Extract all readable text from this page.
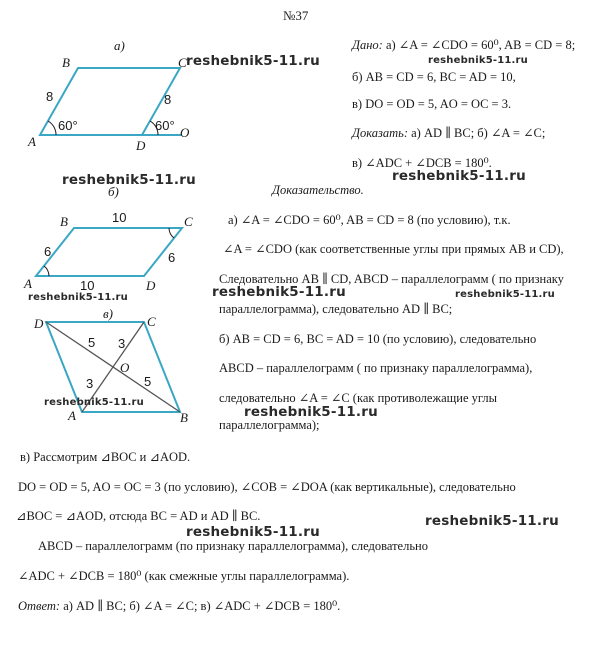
а)
B	C
A	D
O
8	8
60°	60°
б)
B	C
A	D
10
10
6	6
в)
D	C
A	B
O
5 3
3	5
№37
Дано: а) ∠A = ∠CDO = 60⁰, AB = CD = 8;
б) AB = CD = 6, BC = AD = 10,
в) DO = OD = 5, AO = OC = 3.
Доказать: а) AD ∥ BC; б) ∠A = ∠C;
в) ∠ADC + ∠DCB = 180⁰.
Доказательство.
а) ∠A = ∠CDO = 60⁰, AB = CD = 8 (по условию), т.к.
∠A = ∠CDO (как соответственные углы при прямых AB и CD),
Следовательно AB ∥ CD, ABCD – параллелограмм ( по признаку
параллелограмма), следовательно AD ∥ BC;
б) AB = CD = 6, BC = AD = 10 (по условию), следовательно
ABCD – параллелограмм ( по признаку параллелограмма),
следовательно ∠A = ∠C (как противолежащие углы
параллелограмма);
в) Рассмотрим ⊿BOC и ⊿AOD.
DO = OD = 5, AO = OC = 3 (по условию), ∠COB = ∠DOA (как вертикальные), следовательно
⊿BOC = ⊿AOD, отсюда BC = AD и AD ∥ BC.
ABCD – параллелограмм (по признаку параллелограмма), следовательно
∠ADC + ∠DCB = 180⁰ (как смежные углы параллелограмма).
Ответ: а) AD ∥ BC; б) ∠A = ∠C; в) ∠ADC + ∠DCB = 180⁰.
reshebnik5-11.ru	reshebnik5-11.ru
reshebnik5-11.ru	reshebnik5-11.ru
reshebnik5-11.ru	reshebnik5-11.ru	reshebnik5-11.ru
reshebnik5-11.ru
reshebnik5-11.ru
reshebnik5-11.ru
reshebnik5-11.ru
